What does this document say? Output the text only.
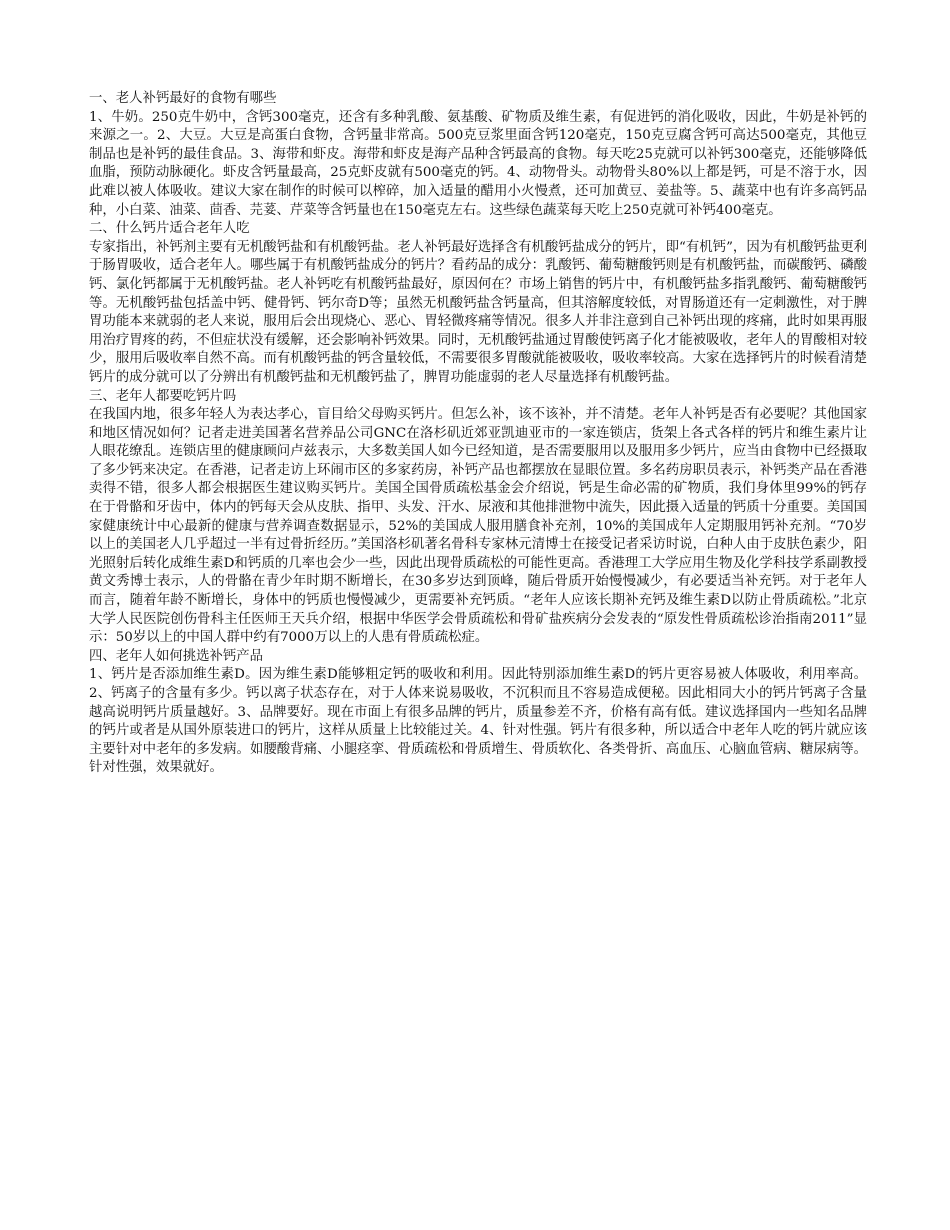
一、老人补钙最好的食物有哪些

1、牛奶。250克牛奶中，含钙300毫克，还含有多种乳酸、氨基酸、矿物质及维生素，有促进钙的消化吸收，因此，牛奶是补钙的来源之一。2、大豆。大豆是高蛋白食物，含钙量非常高。500克豆浆里面含钙120毫克，150克豆腐含钙可高达500毫克，其他豆制品也是补钙的最佳食品。3、海带和虾皮。海带和虾皮是海产品种含钙最高的食物。每天吃25克就可以补钙300毫克，还能够降低血脂，预防动脉硬化。虾皮含钙量最高，25克虾皮就有500毫克的钙。4、动物骨头。动物骨头80%以上都是钙，可是不溶于水，因此难以被人体吸收。建议大家在制作的时候可以榨碎，加入适量的醋用小火慢煮，还可加黄豆、姜盐等。5、蔬菜中也有许多高钙品种，小白菜、油菜、茴香、芫荽、芹菜等含钙量也在150毫克左右。这些绿色蔬菜每天吃上250克就可补钙400毫克。

二、什么钙片适合老年人吃

专家指出，补钙剂主要有无机酸钙盐和有机酸钙盐。老人补钙最好选择含有机酸钙盐成分的钙片，即“有机钙”，因为有机酸钙盐更利于肠胃吸收，适合老年人。哪些属于有机酸钙盐成分的钙片？看药品的成分：乳酸钙、葡萄糖酸钙则是有机酸钙盐，而碳酸钙、磷酸钙、氯化钙都属于无机酸钙盐。老人补钙吃有机酸钙盐最好，原因何在？市场上销售的钙片中，有机酸钙盐多指乳酸钙、葡萄糖酸钙等。无机酸钙盐包括盖中钙、健骨钙、钙尔奇D等；虽然无机酸钙盐含钙量高，但其溶解度较低，对胃肠道还有一定刺激性，对于脾胃功能本来就弱的老人来说，服用后会出现烧心、恶心、胃轻微疼痛等情况。很多人并非注意到自己补钙出现的疼痛，此时如果再服用治疗胃疼的药，不但症状没有缓解，还会影响补钙效果。同时，无机酸钙盐通过胃酸使钙离子化才能被吸收，老年人的胃酸相对较少，服用后吸收率自然不高。而有机酸钙盐的钙含量较低，不需要很多胃酸就能被吸收，吸收率较高。大家在选择钙片的时候看清楚钙片的成分就可以了分辨出有机酸钙盐和无机酸钙盐了，脾胃功能虚弱的老人尽量选择有机酸钙盐。

三、老年人都要吃钙片吗

在我国内地，很多年轻人为表达孝心，盲目给父母购买钙片。但怎么补，该不该补，并不清楚。老年人补钙是否有必要呢？其他国家和地区情况如何？记者走进美国著名营养品公司GNC在洛杉矶近郊亚凯迪亚市的一家连锁店，货架上各式各样的钙片和维生素片让人眼花缭乱。连锁店里的健康顾问卢兹表示，大多数美国人如今已经知道，是否需要服用以及服用多少钙片，应当由食物中已经摄取了多少钙来决定。在香港，记者走访上环闹市区的多家药房，补钙产品也都摆放在显眼位置。多名药房职员表示，补钙类产品在香港卖得不错，很多人都会根据医生建议购买钙片。美国全国骨质疏松基金会介绍说，钙是生命必需的矿物质，我们身体里99%的钙存在于骨骼和牙齿中，体内的钙每天会从皮肤、指甲、头发、汗水、尿液和其他排泄物中流失，因此摄入适量的钙质十分重要。美国国家健康统计中心最新的健康与营养调查数据显示，52%的美国成人服用膳食补充剂，10%的美国成年人定期服用钙补充剂。“70岁以上的美国老人几乎超过一半有过骨折经历。”美国洛杉矶著名骨科专家林元清博士在接受记者采访时说，白种人由于皮肤色素少，阳光照射后转化成维生素D和钙质的几率也会少一些，因此出现骨质疏松的可能性更高。香港理工大学应用生物及化学科技学系副教授黄文秀博士表示，人的骨骼在青少年时期不断增长，在30多岁达到顶峰，随后骨质开始慢慢减少，有必要适当补充钙。对于老年人而言，随着年龄不断增长，身体中的钙质也慢慢减少，更需要补充钙质。“老年人应该长期补充钙及维生素D以防止骨质疏松。”北京大学人民医院创伤骨科主任医师王天兵介绍，根据中华医学会骨质疏松和骨矿盐疾病分会发表的“原发性骨质疏松诊治指南2011”显示：50岁以上的中国人群中约有7000万以上的人患有骨质疏松症。

四、老年人如何挑选补钙产品

1、钙片是否添加维生素D。因为维生素D能够粗定钙的吸收和利用。因此特别添加维生素D的钙片更容易被人体吸收，利用率高。2、钙离子的含量有多少。钙以离子状态存在，对于人体来说易吸收，不沉积而且不容易造成便秘。因此相同大小的钙片钙离子含量越高说明钙片质量越好。3、品牌要好。现在市面上有很多品牌的钙片，质量参差不齐，价格有高有低。建议选择国内一些知名品牌的钙片或者是从国外原装进口的钙片，这样从质量上比较能过关。4、针对性强。钙片有很多种，所以适合中老年人吃的钙片就应该主要针对中老年的多发病。如腰酸背痛、小腿痉挛、骨质疏松和骨质增生、骨质软化、各类骨折、高血压、心脑血管病、糖尿病等。针对性强，效果就好。
